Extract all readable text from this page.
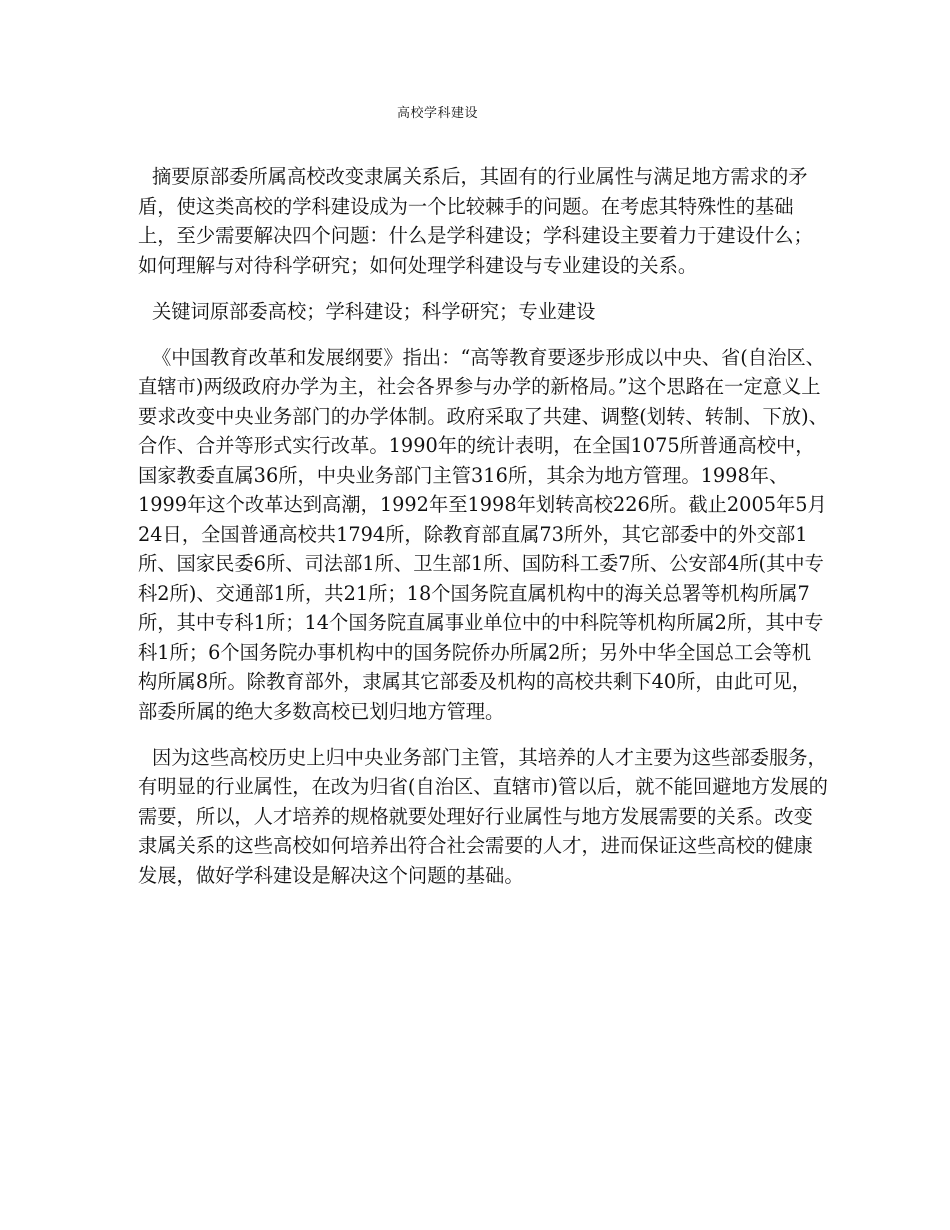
高校学科建设

摘要原部委所属高校改变隶属关系后，其固有的行业属性与满足地方需求的矛盾，使这类高校的学科建设成为一个比较棘手的问题。在考虑其特殊性的基础上，至少需要解决四个问题：什么是学科建设；学科建设主要着力于建设什么；如何理解与对待科学研究；如何处理学科建设与专业建设的关系。

关键词原部委高校；学科建设；科学研究；专业建设

《中国教育改革和发展纲要》指出：“高等教育要逐步形成以中央、省(自治区、直辖市)两级政府办学为主，社会各界参与办学的新格局。”这个思路在一定意义上要求改变中央业务部门的办学体制。政府采取了共建、调整(划转、转制、下放)、合作、合并等形式实行改革。1990年的统计表明，在全国1075所普通高校中，国家教委直属36所，中央业务部门主管316所，其余为地方管理。1998年、1999年这个改革达到高潮，1992年至1998年划转高校226所。截止2005年5月24日，全国普通高校共1794所，除教育部直属73所外，其它部委中的外交部1所、国家民委6所、司法部1所、卫生部1所、国防科工委7所、公安部4所(其中专科2所)、交通部1所，共21所；18个国务院直属机构中的海关总署等机构所属7所，其中专科1所；14个国务院直属事业单位中的中科院等机构所属2所，其中专科1所；6个国务院办事机构中的国务院侨办所属2所；另外中华全国总工会等机构所属8所。除教育部外，隶属其它部委及机构的高校共剩下40所，由此可见，部委所属的绝大多数高校已划归地方管理。

因为这些高校历史上归中央业务部门主管，其培养的人才主要为这些部委服务，有明显的行业属性，在改为归省(自治区、直辖市)管以后，就不能回避地方发展的需要，所以，人才培养的规格就要处理好行业属性与地方发展需要的关系。改变隶属关系的这些高校如何培养出符合社会需要的人才，进而保证这些高校的健康发展，做好学科建设是解决这个问题的基础。
